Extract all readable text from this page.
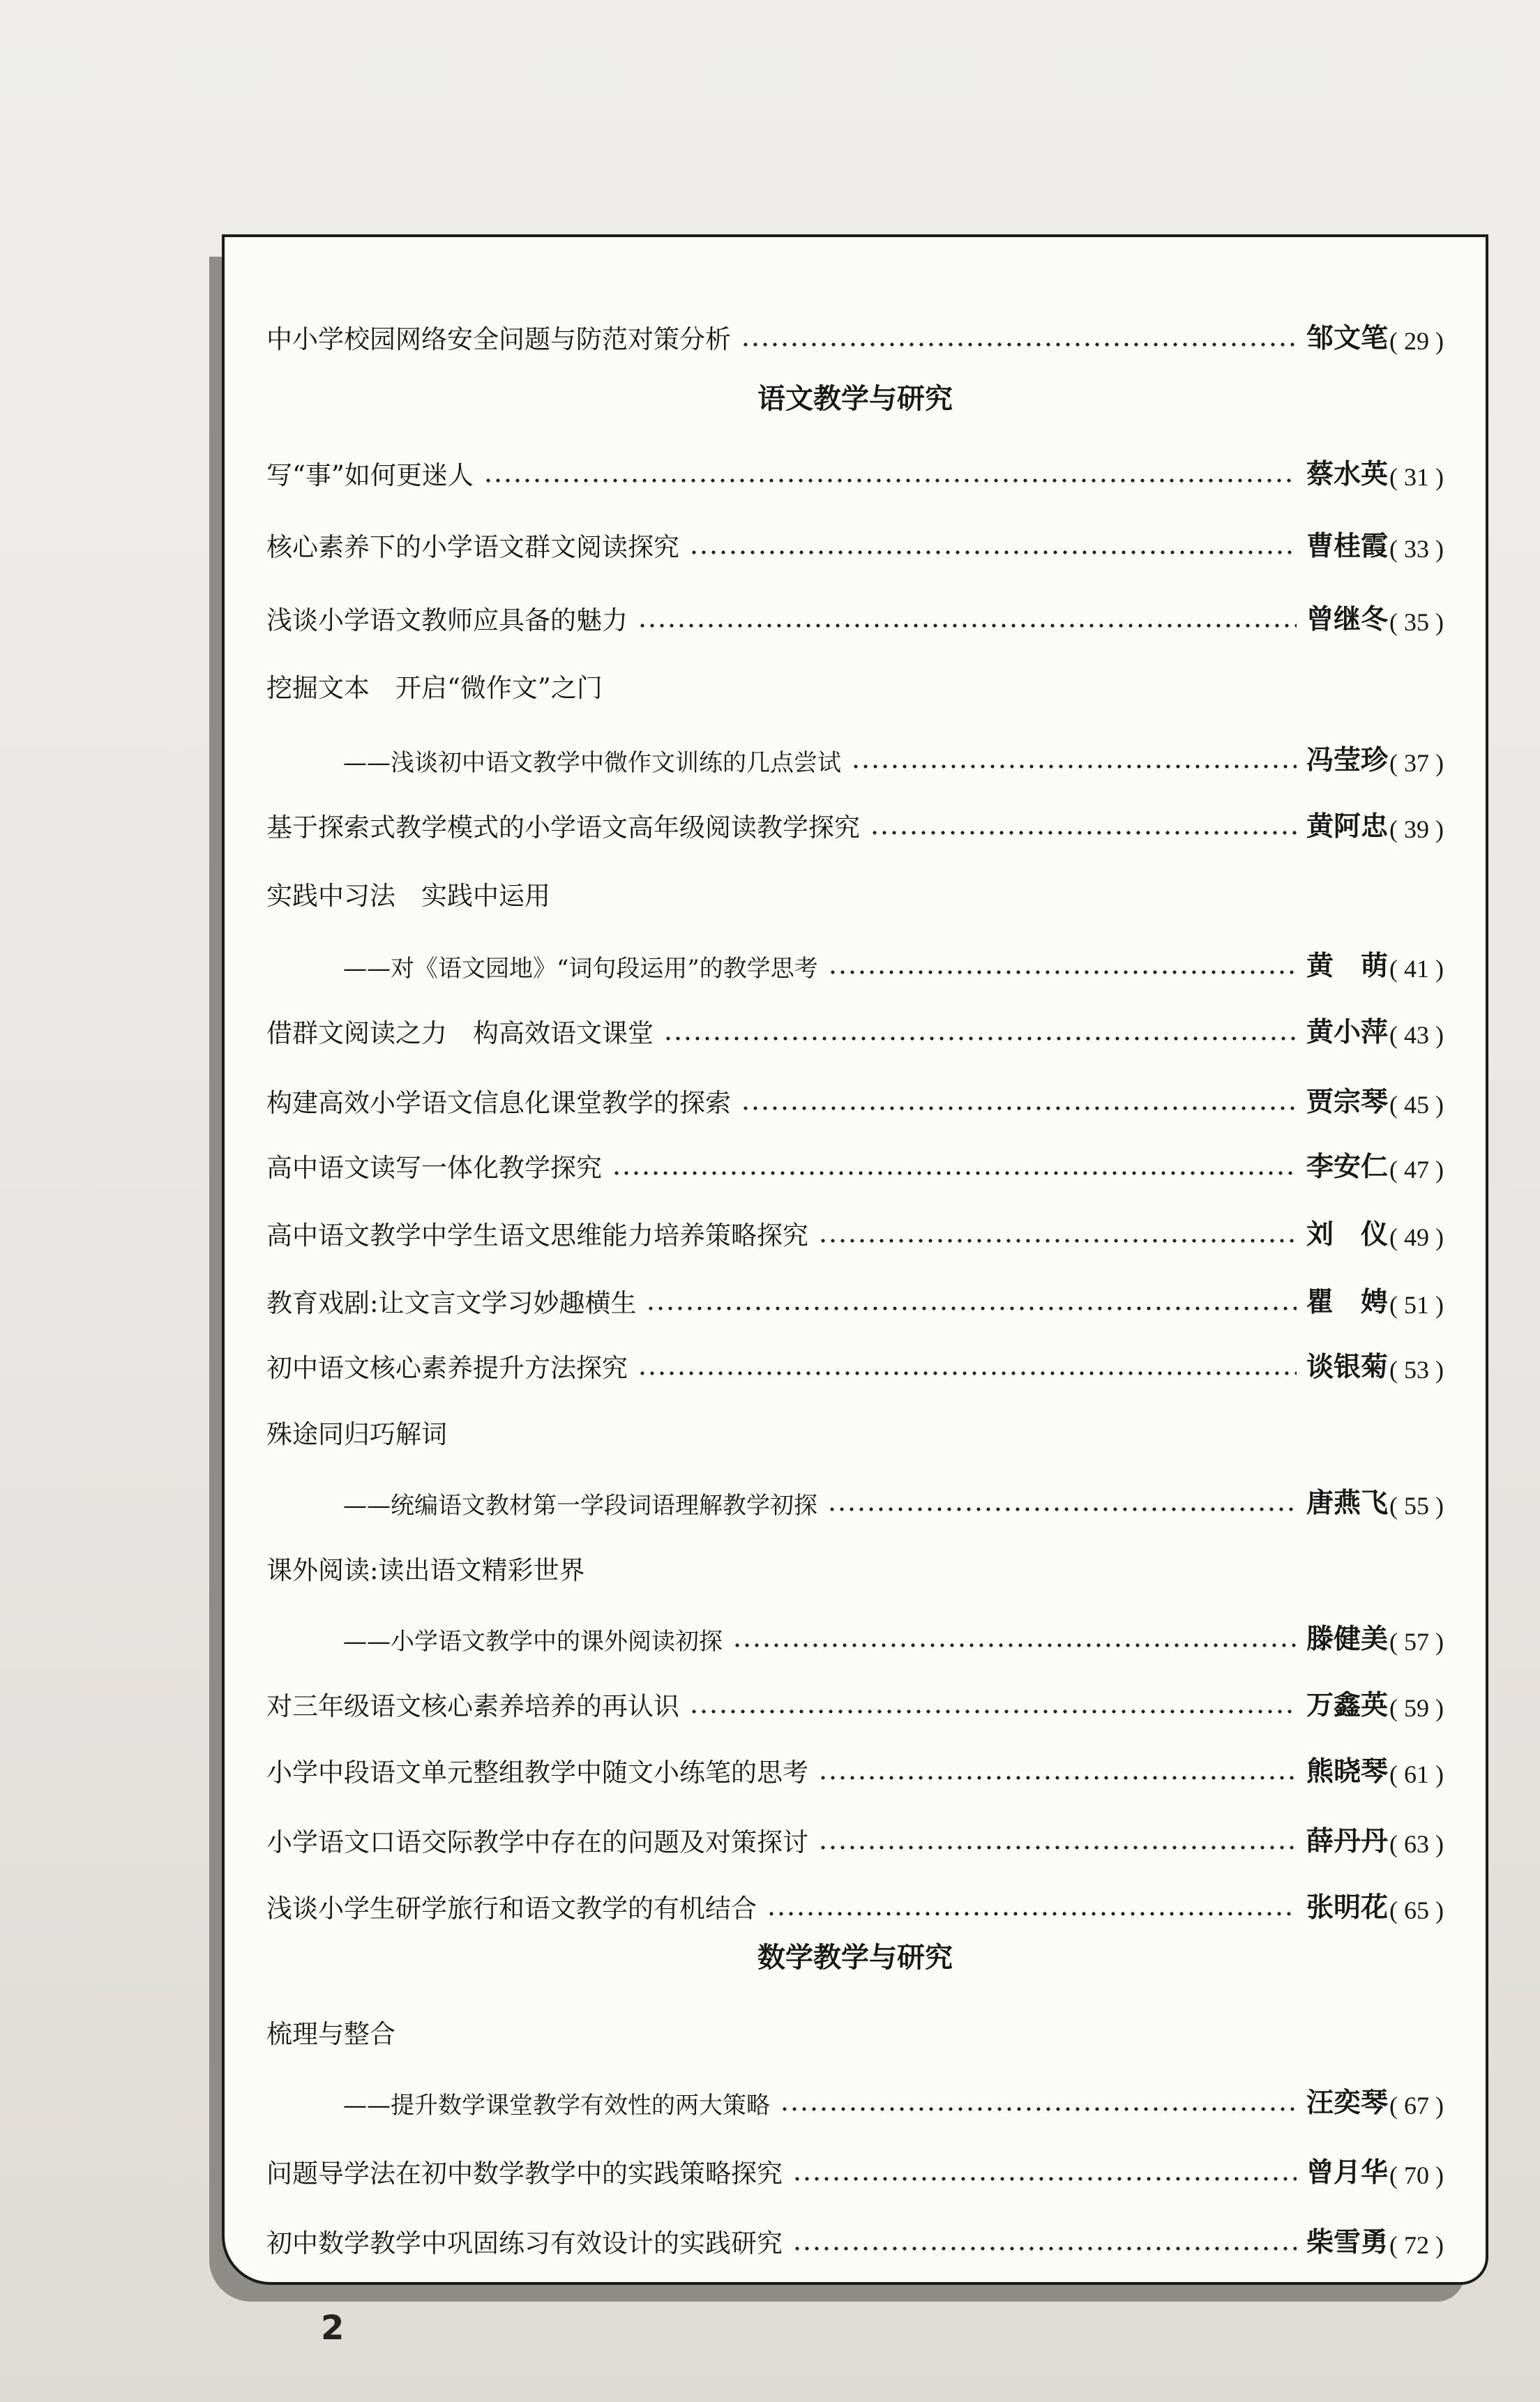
中小学校园网络安全问题与防范对策分析	邹文笔 ( 29 )
语文教学与研究
写“事”如何更迷人	蔡水英 ( 31 )
核心素养下的小学语文群文阅读探究	曹桂霞 ( 33 )
浅谈小学语文教师应具备的魅力	曾继冬 ( 35 )
挖掘文本　开启“微作文”之门
——浅谈初中语文教学中微作文训练的几点尝试	冯莹珍 ( 37 )
基于探索式教学模式的小学语文高年级阅读教学探究	黄阿忠 ( 39 )
实践中习法　实践中运用
——对《语文园地》“词句段运用”的教学思考	黄　萌 ( 41 )
借群文阅读之力　构高效语文课堂	黄小萍 ( 43 )
构建高效小学语文信息化课堂教学的探索	贾宗琴 ( 45 )
高中语文读写一体化教学探究	李安仁 ( 47 )
高中语文教学中学生语文思维能力培养策略探究	刘　仪 ( 49 )
教育戏剧:让文言文学习妙趣横生	瞿　娉 ( 51 )
初中语文核心素养提升方法探究	谈银菊 ( 53 )
殊途同归巧解词
——统编语文教材第一学段词语理解教学初探	唐燕飞 ( 55 )
课外阅读:读出语文精彩世界
——小学语文教学中的课外阅读初探	滕健美 ( 57 )
对三年级语文核心素养培养的再认识	万鑫英 ( 59 )
小学中段语文单元整组教学中随文小练笔的思考	熊晓琴 ( 61 )
小学语文口语交际教学中存在的问题及对策探讨	薛丹丹 ( 63 )
浅谈小学生研学旅行和语文教学的有机结合	张明花 ( 65 )
数学教学与研究
梳理与整合
——提升数学课堂教学有效性的两大策略	汪奕琴 ( 67 )
问题导学法在初中数学教学中的实践策略探究	曾月华 ( 70 )
初中数学教学中巩固练习有效设计的实践研究	柴雪勇 ( 72 )
2
